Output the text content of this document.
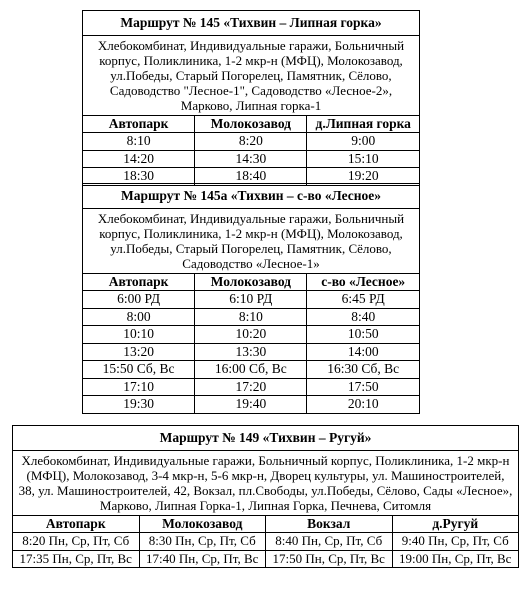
Маршрут № 145 «Тихвин – Липная горка»		
Хлебокомбинат, Индивидуальные гаражи, Больничный корпус, Поликлиника, 1-2 мкр-н (МФЦ), Молокозавод, ул.Победы, Старый Погорелец, Памятник, Сёлово, Садоводство "Лесное-1", Садоводство «Лесное-2», Марково, Липная горка-1		
Автопарк	Молокозавод	д.Липная горка
8:10	8:20	9:00
14:20	14:30	15:10
18:30	18:40	19:20
Маршрут № 145а «Тихвин – с-во «Лесное»		
Хлебокомбинат, Индивидуальные гаражи, Больничный корпус, Поликлиника, 1-2 мкр-н (МФЦ), Молокозавод, ул.Победы, Старый Погорелец, Памятник, Сёлово, Садоводство «Лесное-1»		
Автопарк	Молокозавод	с-во «Лесное»
6:00 РД	6:10 РД	6:45 РД
8:00	8:10	8:40
10:10	10:20	10:50
13:20	13:30	14:00
15:50 Сб, Вс	16:00 Сб, Вс	16:30 Сб, Вс
17:10	17:20	17:50
19:30	19:40	20:10
Маршрут № 149 «Тихвин – Ругуй»			
Хлебокомбинат, Индивидуальные гаражи, Больничный корпус, Поликлиника, 1-2 мкр-н (МФЦ), Молокозавод, 3-4 мкр-н, 5-6 мкр-н, Дворец культуры, ул. Машиностроителей, 38, ул. Машиностроителей, 42, Вокзал, пл.Свободы, ул.Победы, Сёлово, Сады «Лесное», Марково, Липная Горка-1, Липная Горка, Печнева, Ситомля			
Автопарк	Молокозавод	Вокзал	д.Ругуй
8:20 Пн, Ср, Пт, Сб	8:30 Пн, Ср, Пт, Сб	8:40 Пн, Ср, Пт, Сб	9:40 Пн, Ср, Пт, Сб
17:35 Пн, Ср, Пт, Вс	17:40 Пн, Ср, Пт, Вс	17:50 Пн, Ср, Пт, Вс	19:00 Пн, Ср, Пт, Вс
